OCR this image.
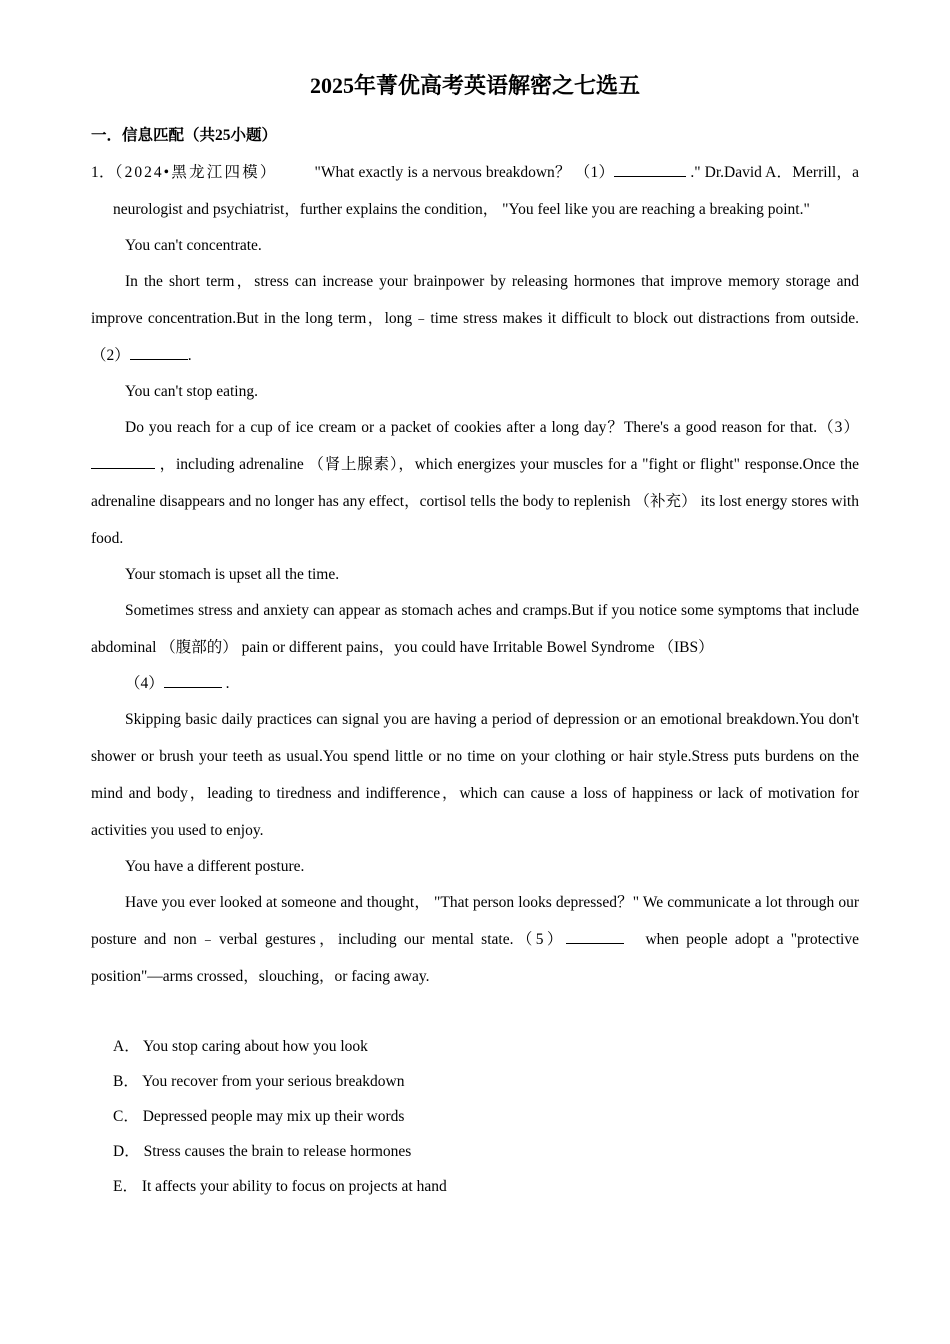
2025年菁优高考英语解密之七选五
一．信息匹配（共25小题）

1．（2024•黑龙江四模） "What exactly is a nervous breakdown？ （1）	." Dr.David A．Merrill，a neurologist and psychiatrist，further explains the condition， "You feel like you are reaching a breaking point."

You can't concentrate.

In the short term，stress can increase your brainpower by releasing hormones that improve memory storage and improve concentration.But in the long term，long﹣time stress makes it difficult to block out distractions from outside. （2）	.

You can't stop eating.

Do you reach for a cup of ice cream or a packet of cookies after a long day？There's a good reason for that.（3） ，including adrenaline （肾上腺素），which energizes your muscles for a "fight or flight" response.Once the adrenaline disappears and no longer has any effect，cortisol tells the body to replenish （补充） its lost energy stores with food.

Your stomach is upset all the time.

Sometimes stress and anxiety can appear as stomach aches and cramps.But if you notice some symptoms that include abdominal （腹部的） pain or different pains，you could have Irritable Bowel Syndrome （IBS）

（4）	.

Skipping basic daily practices can signal you are having a period of depression or an emotional breakdown.You don't shower or brush your teeth as usual.You spend little or no time on your clothing or hair style.Stress puts burdens on the mind and body，leading to tiredness and indifference，which can cause a loss of happiness or lack of motivation for activities you used to enjoy.

You have a different posture.

Have you ever looked at someone and thought， "That person looks depressed？" We communicate a lot through our posture and non﹣verbal gestures，including our mental state.（5）	when people adopt a "protective position"—arms crossed，slouching，or facing away.

A． You stop caring about how you look

B． You recover from your serious breakdown

C． Depressed people may mix up their words

D． Stress causes the brain to release hormones

E． It affects your ability to focus on projects at hand
